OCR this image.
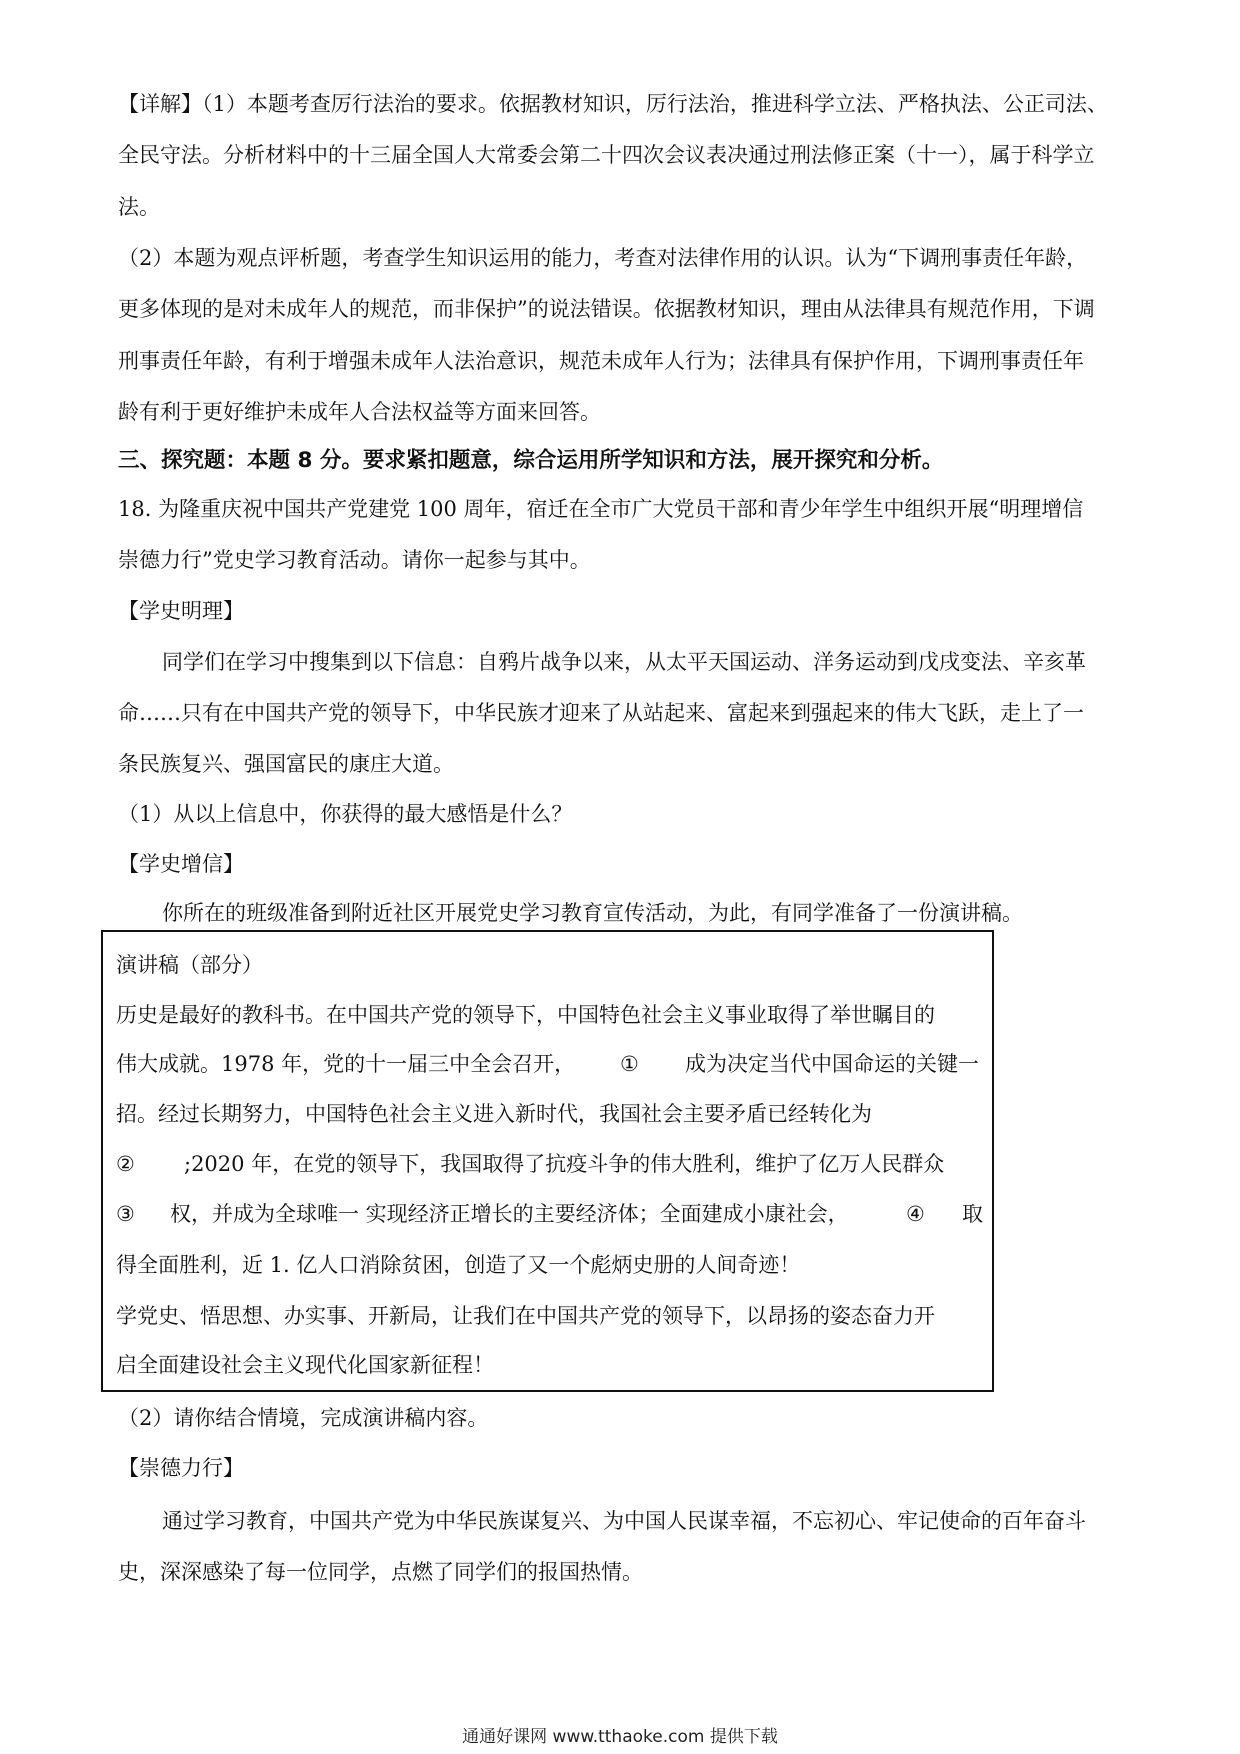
【详解】（1）本题考查厉行法治的要求。依据教材知识，厉行法治，推进科学立法、严格执法、公正司法、
全民守法。分析材料中的十三届全国人大常委会第二十四次会议表决通过刑法修正案（十一），属于科学立
法。
（2）本题为观点评析题，考查学生知识运用的能力，考查对法律作用的认识。认为“下调刑事责任年龄，
更多体现的是对未成年人的规范，而非保护”的说法错误。依据教材知识，理由从法律具有规范作用，下调
刑事责任年龄，有利于增强未成年人法治意识，规范未成年人行为；法律具有保护作用，下调刑事责任年
龄有利于更好维护未成年人合法权益等方面来回答。
三、探究题：本题 8 分。要求紧扣题意，综合运用所学知识和方法，展开探究和分析。
18. 为隆重庆祝中国共产党建党 100 周年，宿迁在全市广大党员干部和青少年学生中组织开展“明理增信
崇德力行”党史学习教育活动。请你一起参与其中。
【学史明理】
同学们在学习中搜集到以下信息：自鸦片战争以来，从太平天国运动、洋务运动到戊戌变法、辛亥革
命……只有在中国共产党的领导下，中华民族才迎来了从站起来、富起来到强起来的伟大飞跃，走上了一
条民族复兴、强国富民的康庄大道。
（1）从以上信息中，你获得的最大感悟是什么？
【学史增信】
你所在的班级准备到附近社区开展党史学习教育宣传活动，为此，有同学准备了一份演讲稿。
演讲稿（部分）
历史是最好的教科书。在中国共产党的领导下，中国特色社会主义事业取得了举世瞩目的
伟大成就。1978 年，党的十一届三中全会召开， ① 成为决定当代中国命运的关键一
招。经过长期努力，中国特色社会主义进入新时代，我国社会主要矛盾已经转化为
② ;2020 年，在党的领导下，我国取得了抗疫斗争的伟大胜利，维护了亿万人民群众
③ 权，并成为全球唯一 实现经济正增长的主要经济体；全面建成小康社会，	④ 取
得全面胜利，近 1. 亿人口消除贫困，创造了又一个彪炳史册的人间奇迹！
学党史、悟思想、办实事、开新局，让我们在中国共产党的领导下，以昂扬的姿态奋力开
启全面建设社会主义现代化国家新征程！
（2）请你结合情境，完成演讲稿内容。
【崇德力行】
通过学习教育，中国共产党为中华民族谋复兴、为中国人民谋幸福，不忘初心、牢记使命的百年奋斗
史，深深感染了每一位同学，点燃了同学们的报国热情。
通通好课网 www.tthaoke.com 提供下载
